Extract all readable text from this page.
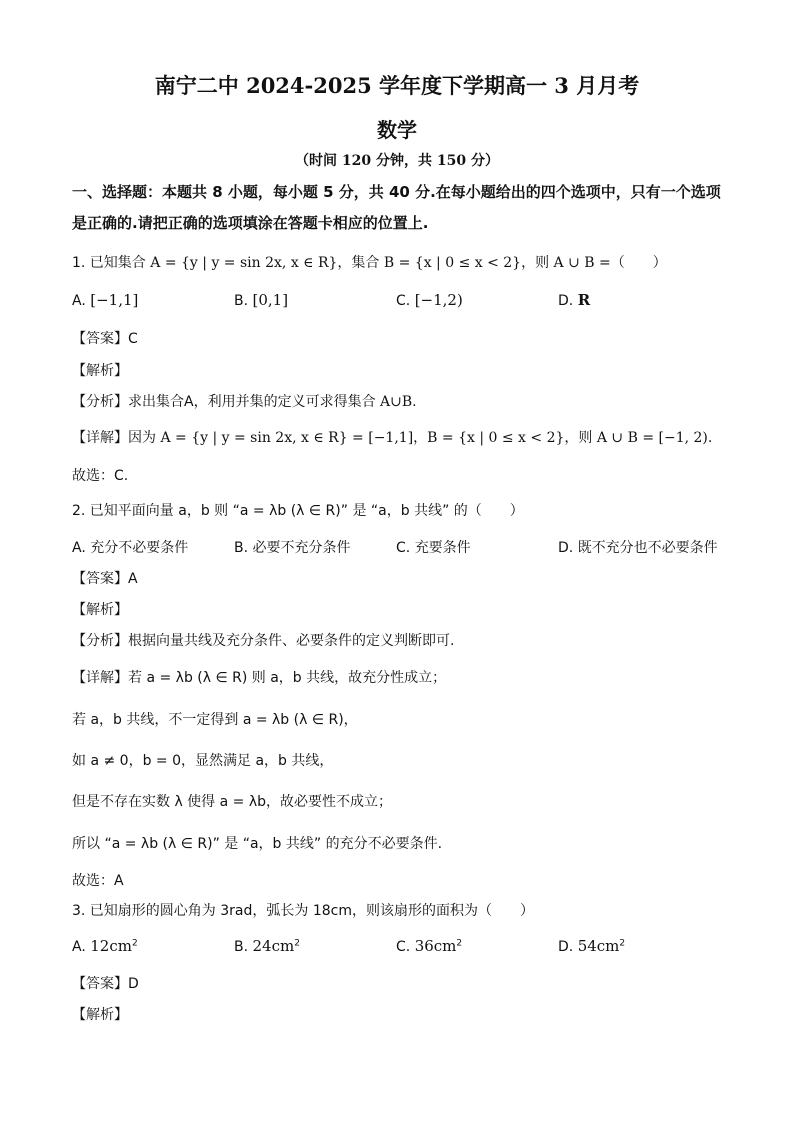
南宁二中 2024-2025 学年度下学期高一 3 月月考
数学
（时间 120 分钟，共 150 分）
一、选择题：本题共 8 小题，每小题 5 分，共 40 分.在每小题给出的四个选项中，只有一个选项是正确的.请把正确的选项填涂在答题卡相应的位置上.
1. 已知集合 A = {y | y = sin 2x, x ∈ R}，集合 B = {x | 0 ≤ x < 2}，则 A ∪ B =（　　）
A. [−1,1]	B. [0,1]	C. [−1,2)	D. R
【答案】C
【解析】
【分析】求出集合A，利用并集的定义可求得集合 A∪B.
【详解】因为 A = {y | y = sin 2x, x ∈ R} = [−1,1]，B = {x | 0 ≤ x < 2}，则 A ∪ B = [−1, 2).
故选：C.
2. 已知平面向量 a，b 则 “a = λb (λ ∈ R)” 是 “a，b 共线” 的（　　）
A. 充分不必要条件	B. 必要不充分条件	C. 充要条件	D. 既不充分也不必要条件
【答案】A
【解析】
【分析】根据向量共线及充分条件、必要条件的定义判断即可.
【详解】若 a = λb (λ ∈ R) 则 a，b 共线，故充分性成立；
若 a，b 共线，不一定得到 a = λb (λ ∈ R)，
如 a ≠ 0，b = 0，显然满足 a，b 共线，
但是不存在实数 λ 使得 a = λb，故必要性不成立；
所以 “a = λb (λ ∈ R)” 是 “a，b 共线” 的充分不必要条件.
故选：A
3. 已知扇形的圆心角为 3rad，弧长为 18cm，则该扇形的面积为（　　）
A. $12cm^2$	B. $24cm^2$	C. $36cm^2$	D. $54cm^2$
【答案】D
【解析】
